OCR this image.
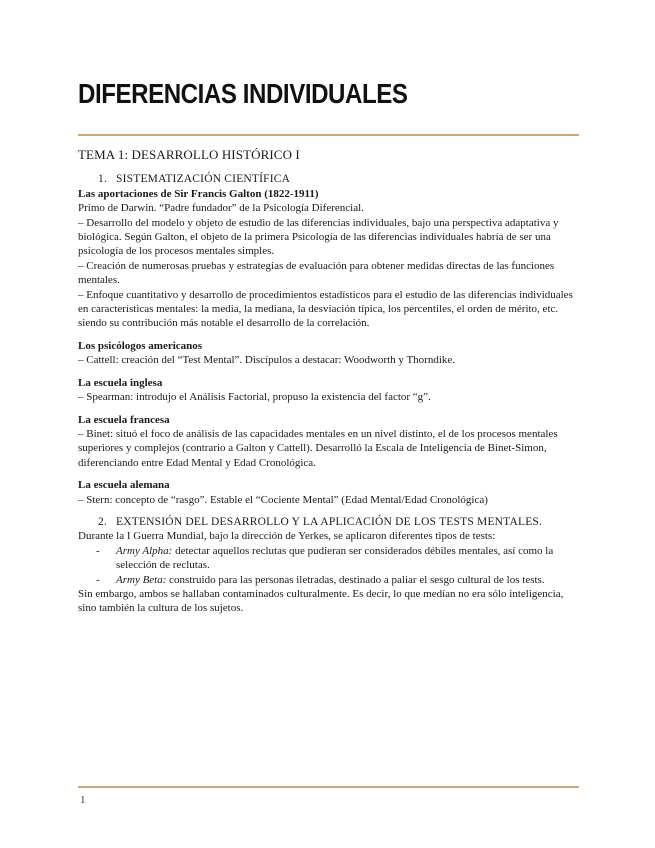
DIFERENCIAS INDIVIDUALES

TEMA 1: DESARROLLO HISTÓRICO I

1. SISTEMATIZACIÓN CIENTÍFICA

Las aportaciones de Sir Francis Galton (1822-1911)

Primo de Darwin. “Padre fundador” de la Psicología Diferencial.

– Desarrollo del modelo y objeto de estudio de las diferencias individuales, bajo una perspectiva adaptativa y biológica. Según Galton, el objeto de la primera Psicología de las diferencias individuales habría de ser una psicología de los procesos mentales simples.

– Creación de numerosas pruebas y estrategias de evaluación para obtener medidas directas de las funciones mentales.

– Enfoque cuantitativo y desarrollo de procedimientos estadísticos para el estudio de las diferencias individuales en características mentales: la media, la mediana, la desviación típica, los percentiles, el orden de mérito, etc. siendo su contribución más notable el desarrollo de la correlación.

Los psicólogos americanos

– Cattell: creación del “Test Mental”. Discípulos a destacar: Woodworth y Thorndike.

La escuela inglesa

– Spearman: introdujo el Análisis Factorial, propuso la existencia del factor “g”.

La escuela francesa

– Binet: situó el foco de análisis de las capacidades mentales en un nivel distinto, el de los procesos mentales superiores y complejos (contrario a Galton y Cattell). Desarrolló la Escala de Inteligencia de Binet-Simon, diferenciando entre Edad Mental y Edad Cronológica.

La escuela alemana

– Stern: concepto de “rasgo”. Estable el “Cociente Mental” (Edad Mental/Edad Cronológica)

2. EXTENSIÓN DEL DESARROLLO Y LA APLICACIÓN DE LOS TESTS MENTALES.

Durante la I Guerra Mundial, bajo la dirección de Yerkes, se aplicaron diferentes tipos de tests:

- Army Alpha: detectar aquellos reclutas que pudieran ser considerados débiles mentales, así como la selección de reclutas.

- Army Beta: construido para las personas iletradas, destinado a paliar el sesgo cultural de los tests.

Sin embargo, ambos se hallaban contaminados culturalmente. Es decir, lo que medían no era sólo inteligencia, sino también la cultura de los sujetos.

1
